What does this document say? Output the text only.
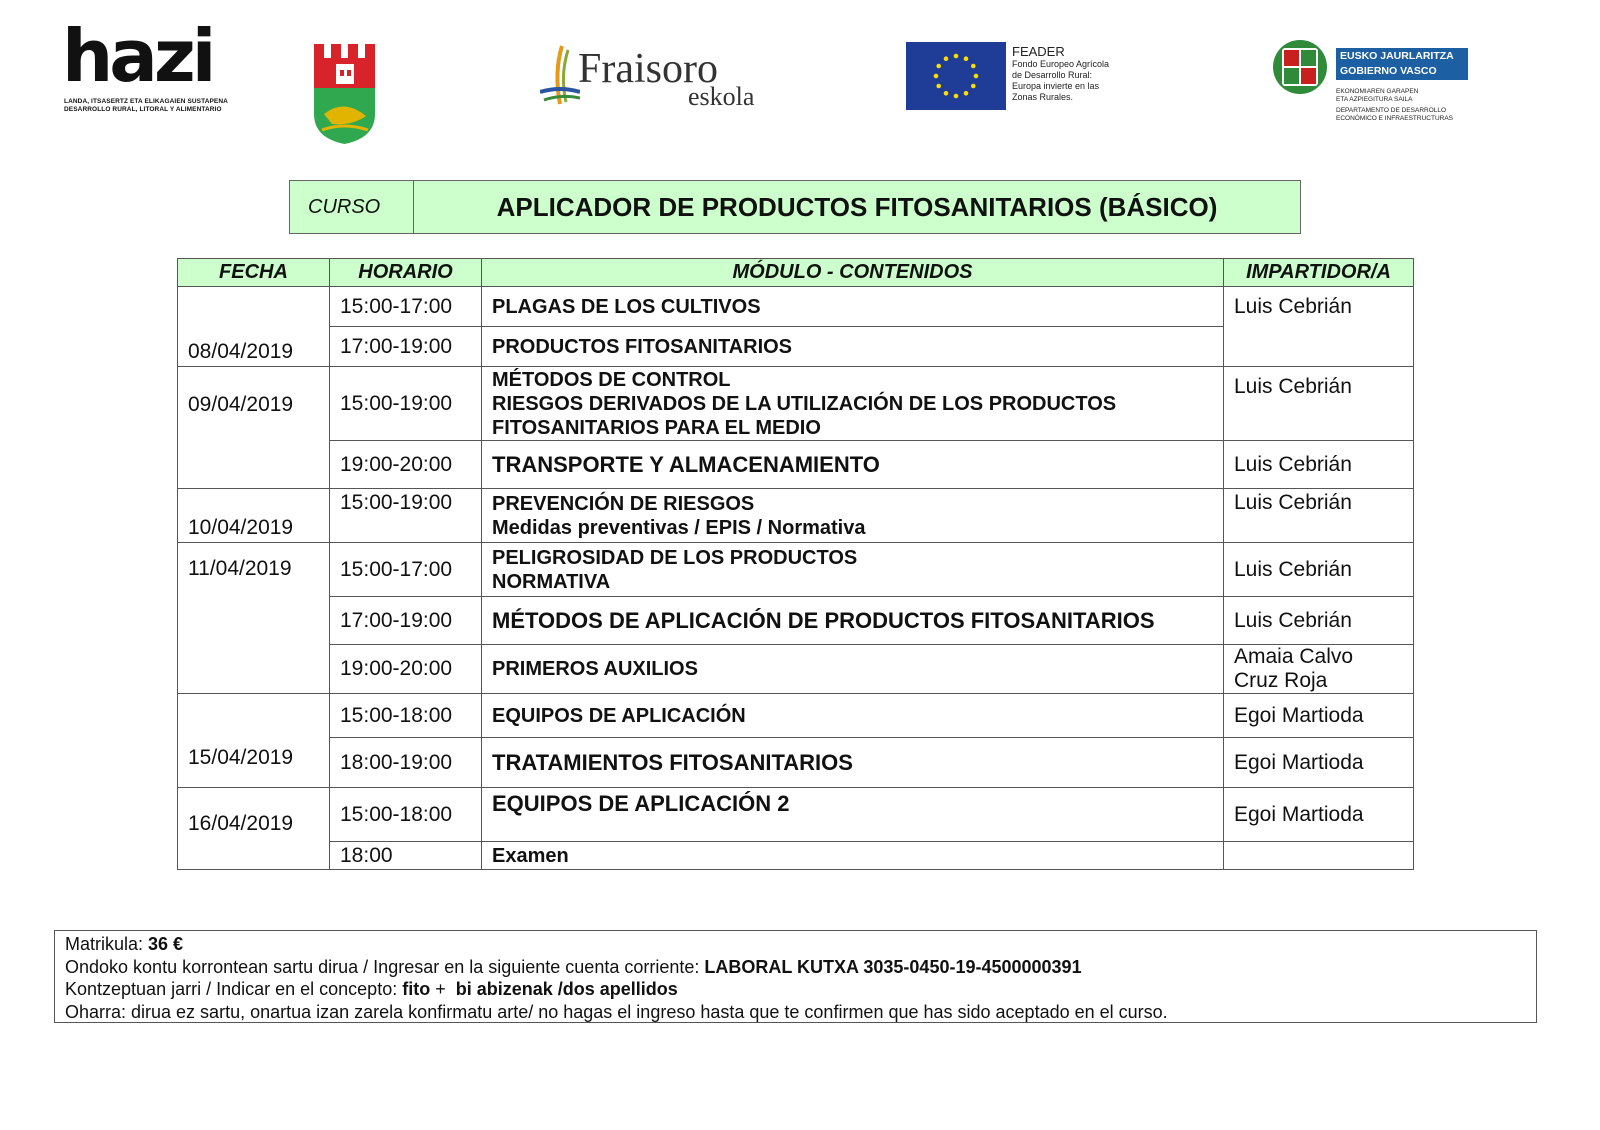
hazi
LANDA, ITSASERTZ ETA ELIKAGAIEN SUSTAPENA
DESARROLLO RURAL, LITORAL Y ALIMENTARIO
Fraisoro
eskola
FEADER
Fondo Europeo Agrícola
de Desarrollo Rural:
Europa invierte en las
Zonas Rurales.
EUSKO JAURLARITZA
GOBIERNO VASCO
EKONOMIAREN GARAPEN
ETA AZPIEGITURA SAILA
DEPARTAMENTO DE DESARROLLO
ECONÓMICO E INFRAESTRUCTURAS
CURSO	APLICADOR DE PRODUCTOS FITOSANITARIOS (BÁSICO)
FECHA	HORARIO	MÓDULO - CONTENIDOS	IMPARTIDOR/A
08/04/2019	15:00-17:00	PLAGAS DE LOS CULTIVOS	Luis Cebrián
	17:00-19:00	PRODUCTOS FITOSANITARIOS	
09/04/2019	15:00-19:00	MÉTODOS DE CONTROL
RIESGOS DERIVADOS DE LA UTILIZACIÓN DE LOS PRODUCTOS
FITOSANITARIOS PARA EL MEDIO	Luis Cebrián
	19:00-20:00	TRANSPORTE Y ALMACENAMIENTO	Luis Cebrián
10/04/2019	15:00-19:00	PREVENCIÓN DE RIESGOS
Medidas preventivas / EPIS / Normativa	Luis Cebrián
11/04/2019	15:00-17:00	PELIGROSIDAD DE LOS PRODUCTOS
NORMATIVA	Luis Cebrián
	17:00-19:00	MÉTODOS DE APLICACIÓN DE PRODUCTOS FITOSANITARIOS	Luis Cebrián
	19:00-20:00	PRIMEROS AUXILIOS	Amaia Calvo
Cruz Roja

15/04/2019	15:00-18:00	EQUIPOS DE APLICACIÓN	Egoi Martioda
	18:00-19:00	TRATAMIENTOS FITOSANITARIOS	Egoi Martioda
16/04/2019	15:00-18:00	EQUIPOS DE APLICACIÓN 2	Egoi Martioda
	18:00	Examen	
Matrikula: 36 €
Ondoko kontu korrontean sartu dirua / Ingresar en la siguiente cuenta corriente: LABORAL KUTXA 3035-0450-19-4500000391
Kontzeptuan jarri / Indicar en el concepto: fito +  bi abizenak /dos apellidos
Oharra: dirua ez sartu, onartua izan zarela konfirmatu arte/ no hagas el ingreso hasta que te confirmen que has sido aceptado en el curso.
